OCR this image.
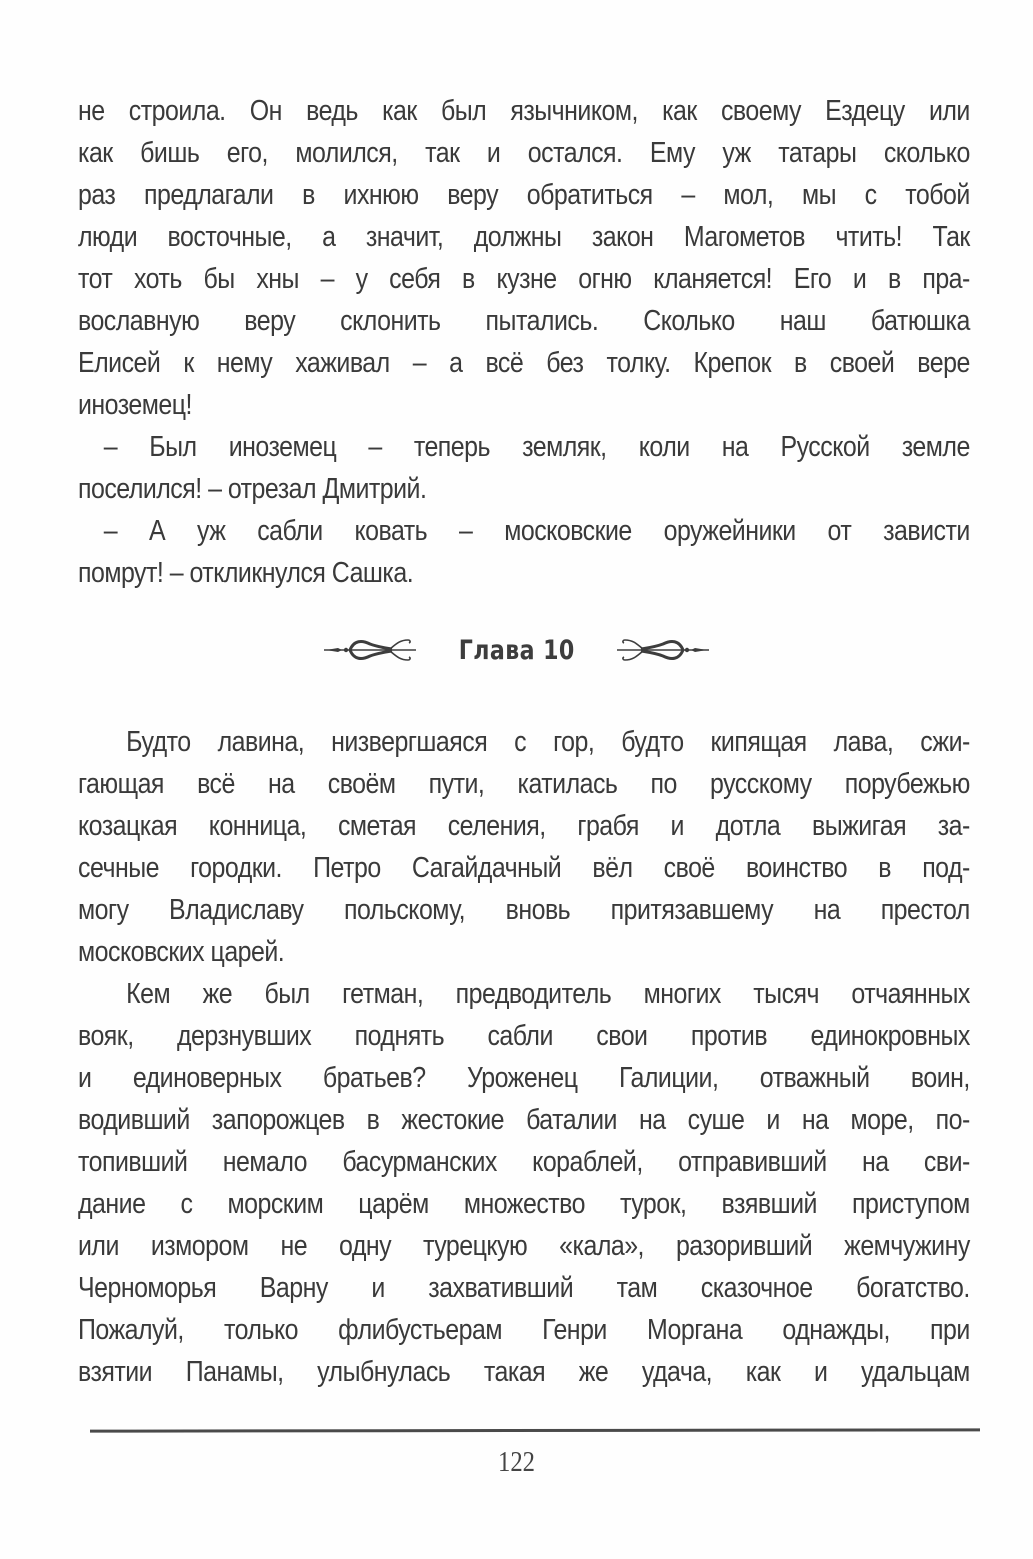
не строила. Он ведь как был язычником, как своему Ездецу или
как бишь его, молился, так и остался. Ему уж татары сколько
раз предлагали в ихнюю веру обратиться – мол, мы с тобой
люди восточные, а значит, должны закон Магометов чтить! Так
тот хоть бы хны – у себя в кузне огню кланяется! Его и в пра-
вославную веру склонить пытались. Сколько наш батюшка
Елисей к нему хаживал – а всё без толку. Крепок в своей вере
иноземец!
– Был иноземец – теперь земляк, коли на Русской земле
поселился! – отрезал Дмитрий.
– А уж сабли ковать – московские оружейники от зависти
помрут! – откликнулся Сашка.
Глава 10
Будто лавина, низвергшаяся с гор, будто кипящая лава, сжи-
гающая всё на своём пути, катилась по русскому порубежью
козацкая конница, сметая селения, грабя и дотла выжигая за-
сечные городки. Петро Сагайдачный вёл своё воинство в под-
могу Владиславу польскому, вновь притязавшему на престол
московских царей.
Кем же был гетман, предводитель многих тысяч отчаянных
вояк, дерзнувших поднять сабли свои против единокровных
и единоверных братьев? Уроженец Галиции, отважный воин,
водивший запорожцев в жестокие баталии на суше и на море, по-
топивший немало басурманских кораблей, отправивший на сви-
дание с морским царём множество турок, взявший приступом
или измором не одну турецкую «кала», разоривший жемчужину
Черноморья Варну и захвативший там сказочное богатство.
Пожалуй, только флибустьерам Генри Моргана однажды, при
взятии Панамы, улыбнулась такая же удача, как и удальцам
122
